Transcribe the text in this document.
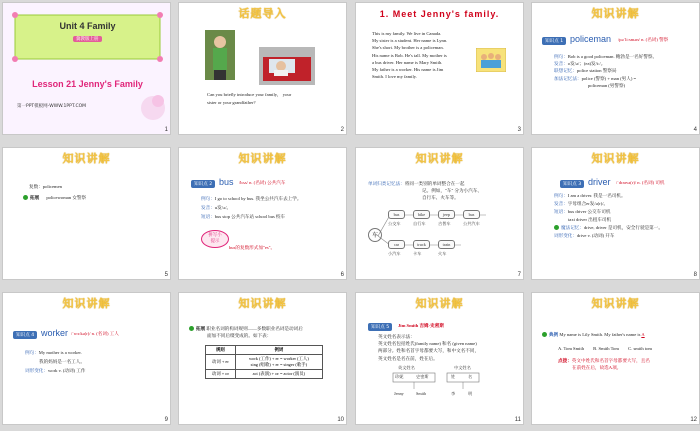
Unit 4 Family
冀教版上册
Lesson 21 Jenny's Family
第一PPT模板网-WWW.1PPT.COM
1
话题导入
Can you briefly introduce your family， your
sister or your grandfather?
2
1. Meet Jenny's family.
This is my family. We live in Canada.
My sister is a student. Her name is Lynn.
She's short. My brother is a policeman.
His name is Bob. He's tall. My mother is
a bus driver. Her name is Mary Smith.
My father is a worker. His name is Jim
Smith. I love my family.
3
知识讲解
知识点 1 policeman /pəˈliːsmən/ n. (名词) 警察
例句：Bob is a good policeman. 鲍勃是一名好警察。
发音：o发/ə/；(ea)发/iː/。
联想记忆：police station 警察局
加法记忆法：police (警察) + man (男人) =
policeman (男警察)
4
知识讲解
复数：policemen
拓展 policewoman 女警察
5
知识讲解
知识点 2 bus /bʌs/ n. (名词) 公共汽车
例句：I go to school by bus. 我坐公共汽车去上学。
发音：u发/ʌ/。
短语：bus stop 公共汽车站 school bus 校车
拼写小
提示
bus的复数形式加"es"。
6
知识讲解
单词归类记忆法：将同一类别的单词整合在一起
记。例如，"车" 分为小汽车、
自行车、火车等。
车
bus	bike	jeep	bus
公交车	自行车	吉普车	公共汽车
car	truck	train
小汽车	卡车	火车
7
知识讲解
知识点 3 driver /ˈdraɪvə(r)/ n. (名词) 司机
例句：I am a driver. 我是一名司机。
发音：字母组合er发/ə(r)/。
短语：bus driver 公交车司机
taxi driver 出租车司机
魔法记忆：drive, driver 是司机，安全行驶是第一。
词形变化：drive v. (动词) 开车
8
知识讲解
知识点 4 worker /ˈwɜːkə(r)/ n. (名词) 工人
例句：My mother is a worker.
我的妈妈是一名工人。
词形变化：work v. (动词) 工作
9
知识讲解
拓展 职业名词的构词规则——多数职业名词是动词后
面加不同后缀变成的。如下表：
规则	例词
动词 + er	work (工作) + er = worker (工人)
sing (唱歌) + er = singer (歌手)

动词 + or	act (表演) + or = actor (演员)
10
知识讲解
知识点 5	Jim Smith 吉姆·史密斯
英文姓名表示法：
英文姓名包括姓氏(family name) 和名 (given name)
两部分。姓和名首字母都要大写，和中文名不同，
英文姓名是名在前，姓在后。
英文姓名	中文姓名
珍妮	史密斯	姓	名
Jenny	Smith	李	明
11
知识讲解
典例 My name is Lily Smith. My father's name is A
A. Tom Smith B. Smith Tom C. smith tom
点拨：英文中姓氏和名首字母都要大写，且名
在前姓在后，故选A项。
12
